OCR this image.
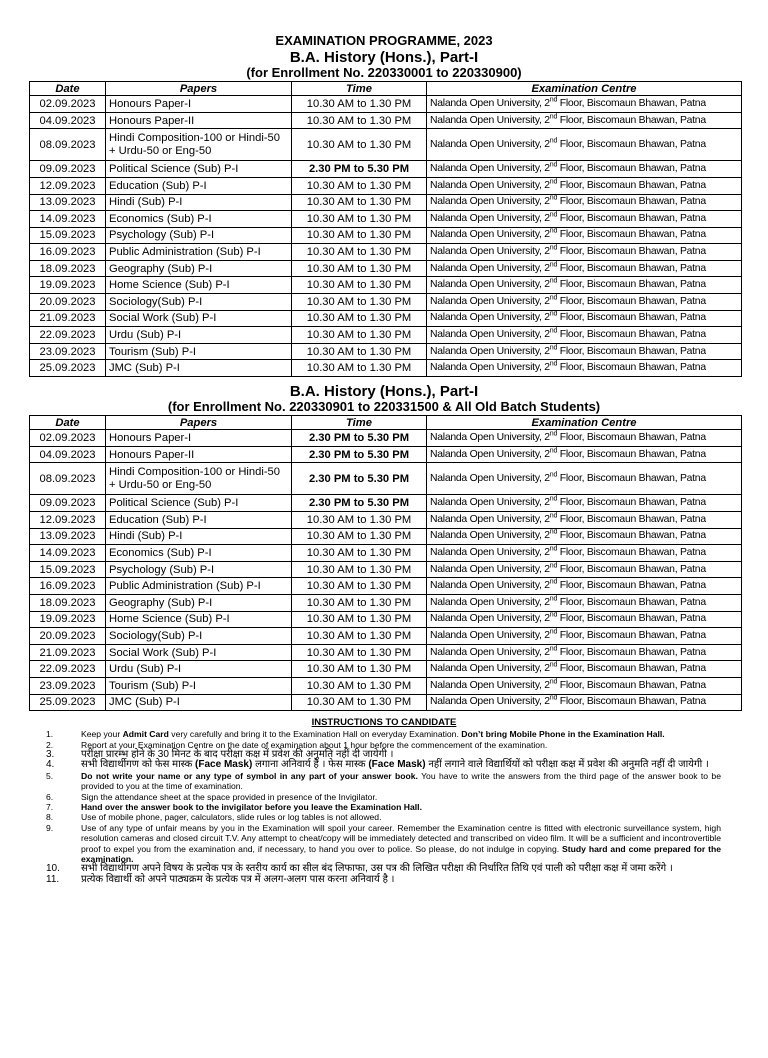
EXAMINATION PROGRAMME, 2023
B.A. History (Hons.), Part-I
(for Enrollment No. 220330001 to 220330900)
Date	Papers	Time	Examination Centre
02.09.2023	Honours Paper-I	10.30 AM to 1.30 PM	Nalanda Open University, 2nd Floor, Biscomaun Bhawan, Patna
04.09.2023	Honours Paper-II	10.30 AM to 1.30 PM	Nalanda Open University, 2nd Floor, Biscomaun Bhawan, Patna
08.09.2023	Hindi Composition-100 or Hindi-50 + Urdu-50 or Eng-50	10.30 AM to 1.30 PM	Nalanda Open University, 2nd Floor, Biscomaun Bhawan, Patna
09.09.2023	Political Science (Sub) P-I	2.30 PM to 5.30 PM	Nalanda Open University, 2nd Floor, Biscomaun Bhawan, Patna
12.09.2023	Education (Sub) P-I	10.30 AM to 1.30 PM	Nalanda Open University, 2nd Floor, Biscomaun Bhawan, Patna
13.09.2023	Hindi (Sub) P-I	10.30 AM to 1.30 PM	Nalanda Open University, 2nd Floor, Biscomaun Bhawan, Patna
14.09.2023	Economics (Sub) P-I	10.30 AM to 1.30 PM	Nalanda Open University, 2nd Floor, Biscomaun Bhawan, Patna
15.09.2023	Psychology (Sub) P-I	10.30 AM to 1.30 PM	Nalanda Open University, 2nd Floor, Biscomaun Bhawan, Patna
16.09.2023	Public Administration (Sub) P-I	10.30 AM to 1.30 PM	Nalanda Open University, 2nd Floor, Biscomaun Bhawan, Patna
18.09.2023	Geography (Sub) P-I	10.30 AM to 1.30 PM	Nalanda Open University, 2nd Floor, Biscomaun Bhawan, Patna
19.09.2023	Home Science (Sub) P-I	10.30 AM to 1.30 PM	Nalanda Open University, 2nd Floor, Biscomaun Bhawan, Patna
20.09.2023	Sociology(Sub) P-I	10.30 AM to 1.30 PM	Nalanda Open University, 2nd Floor, Biscomaun Bhawan, Patna
21.09.2023	Social Work (Sub) P-I	10.30 AM to 1.30 PM	Nalanda Open University, 2nd Floor, Biscomaun Bhawan, Patna
22.09.2023	Urdu (Sub) P-I	10.30 AM to 1.30 PM	Nalanda Open University, 2nd Floor, Biscomaun Bhawan, Patna
23.09.2023	Tourism (Sub) P-I	10.30 AM to 1.30 PM	Nalanda Open University, 2nd Floor, Biscomaun Bhawan, Patna
25.09.2023	JMC (Sub) P-I	10.30 AM to 1.30 PM	Nalanda Open University, 2nd Floor, Biscomaun Bhawan, Patna
B.A. History (Hons.), Part-I
(for Enrollment No. 220330901 to 220331500 & All Old Batch Students)
Date	Papers	Time	Examination Centre
02.09.2023	Honours Paper-I	2.30 PM to 5.30 PM	Nalanda Open University, 2nd Floor, Biscomaun Bhawan, Patna
04.09.2023	Honours Paper-II	2.30 PM to 5.30 PM	Nalanda Open University, 2nd Floor, Biscomaun Bhawan, Patna
08.09.2023	Hindi Composition-100 or Hindi-50 + Urdu-50 or Eng-50	2.30 PM to 5.30 PM	Nalanda Open University, 2nd Floor, Biscomaun Bhawan, Patna
09.09.2023	Political Science (Sub) P-I	2.30 PM to 5.30 PM	Nalanda Open University, 2nd Floor, Biscomaun Bhawan, Patna
12.09.2023	Education (Sub) P-I	10.30 AM to 1.30 PM	Nalanda Open University, 2nd Floor, Biscomaun Bhawan, Patna
13.09.2023	Hindi (Sub) P-I	10.30 AM to 1.30 PM	Nalanda Open University, 2nd Floor, Biscomaun Bhawan, Patna
14.09.2023	Economics (Sub) P-I	10.30 AM to 1.30 PM	Nalanda Open University, 2nd Floor, Biscomaun Bhawan, Patna
15.09.2023	Psychology (Sub) P-I	10.30 AM to 1.30 PM	Nalanda Open University, 2nd Floor, Biscomaun Bhawan, Patna
16.09.2023	Public Administration (Sub) P-I	10.30 AM to 1.30 PM	Nalanda Open University, 2nd Floor, Biscomaun Bhawan, Patna
18.09.2023	Geography (Sub) P-I	10.30 AM to 1.30 PM	Nalanda Open University, 2nd Floor, Biscomaun Bhawan, Patna
19.09.2023	Home Science (Sub) P-I	10.30 AM to 1.30 PM	Nalanda Open University, 2nd Floor, Biscomaun Bhawan, Patna
20.09.2023	Sociology(Sub) P-I	10.30 AM to 1.30 PM	Nalanda Open University, 2nd Floor, Biscomaun Bhawan, Patna
21.09.2023	Social Work (Sub) P-I	10.30 AM to 1.30 PM	Nalanda Open University, 2nd Floor, Biscomaun Bhawan, Patna
22.09.2023	Urdu (Sub) P-I	10.30 AM to 1.30 PM	Nalanda Open University, 2nd Floor, Biscomaun Bhawan, Patna
23.09.2023	Tourism (Sub) P-I	10.30 AM to 1.30 PM	Nalanda Open University, 2nd Floor, Biscomaun Bhawan, Patna
25.09.2023	JMC (Sub) P-I	10.30 AM to 1.30 PM	Nalanda Open University, 2nd Floor, Biscomaun Bhawan, Patna
INSTRUCTIONS TO CANDIDATE
1.	Keep your Admit Card very carefully and bring it to the Examination Hall on everyday Examination. Don’t bring Mobile Phone in the Examination Hall.
2.	Report at your Examination Centre on the date of examination about 1 hour before the commencement of the examination.
3.	परीक्षा प्रारम्भ होने के 30 मिनट के बाद परीक्षा कक्ष में प्रवेश की अनुमति नहीं दी जायेगी ।
4.	सभी विद्यार्थीगण को फेस मास्क (Face Mask) लगाना अनिवार्य है । फेस मास्क (Face Mask) नहीं लगाने वाले विद्यार्थियों को परीक्षा कक्ष में प्रवेश की अनुमति नहीं दी जायेगी ।
5.	Do not write your name or any type of symbol in any part of your answer book. You have to write the answers from the third page of the answer book to be provided to you at the time of examination.
6.	Sign the attendance sheet at the space provided in presence of the Invigilator.
7.	Hand over the answer book to the invigilator before you leave the Examination Hall.
8.	Use of mobile phone, pager, calculators, slide rules or log tables is not allowed.
9.	Use of any type of unfair means by you in the Examination will spoil your career. Remember the Examination centre is fitted with electronic surveillance system, high resolution cameras and closed circuit T.V. Any attempt to cheat/copy will be immediately detected and transcribed on video film. It will be a sufficient and incontrovertible proof to expel you from the examination and, if necessary, to hand you over to police. So please, do not indulge in copying. Study hard and come prepared for the examination.
10.	सभी विद्यार्थीगण अपने विषय के प्रत्येक पत्र के स्तरीय कार्य का सील बंद लिफाफा, उस पत्र की लिखित परीक्षा की निर्धारित तिथि एवं पाली को परीक्षा कक्ष में जमा करेंगे ।
11.	प्रत्येक विद्यार्थी को अपने पाठ्यक्रम के प्रत्येक पत्र में अलग-अलग पास करना अनिवार्य है ।
